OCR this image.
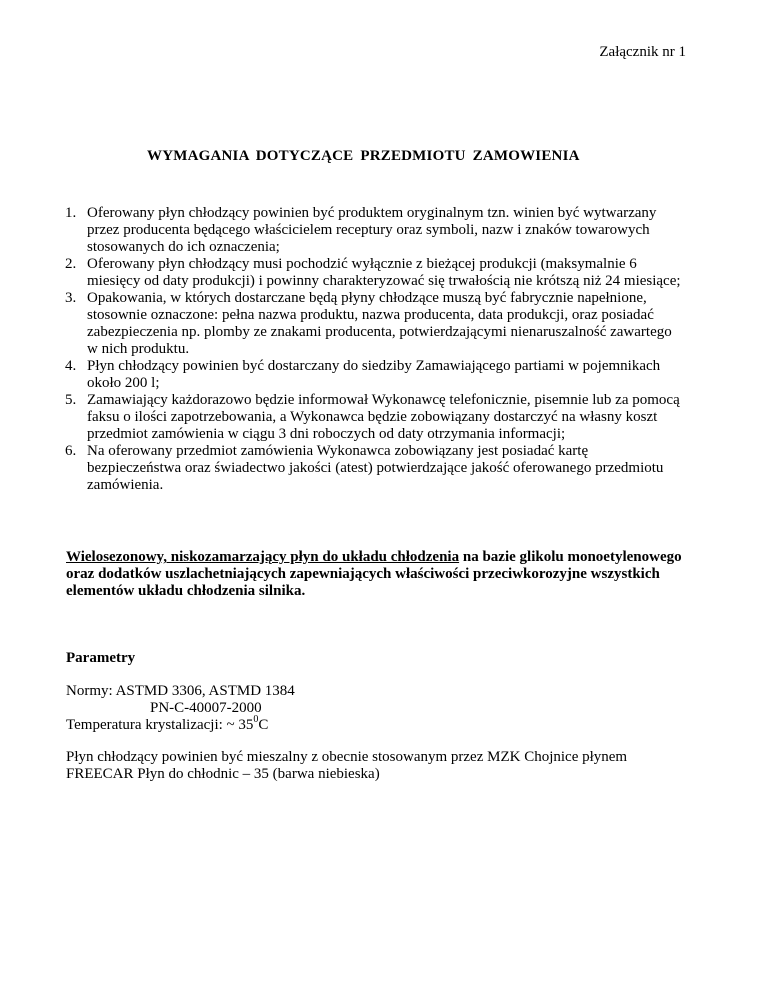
Załącznik nr 1
WYMAGANIA DOTYCZĄCE PRZEDMIOTU ZAMOWIENIA
1. Oferowany płyn chłodzący powinien być produktem oryginalnym tzn. winien być wytwarzany
przez producenta będącego właścicielem receptury oraz symboli, nazw i znaków towarowych
stosowanych do ich oznaczenia;
2. Oferowany płyn chłodzący musi pochodzić wyłącznie z bieżącej produkcji (maksymalnie 6
miesięcy od daty produkcji) i powinny charakteryzować się trwałością nie krótszą niż 24 miesiące;
3. Opakowania, w których dostarczane będą płyny chłodzące muszą być fabrycznie napełnione,
stosownie oznaczone: pełna nazwa produktu, nazwa producenta, data produkcji, oraz posiadać
zabezpieczenia np. plomby ze znakami producenta, potwierdzającymi nienaruszalność zawartego
w nich produktu.
4. Płyn chłodzący powinien być dostarczany do siedziby Zamawiającego partiami w pojemnikach
około 200 l;
5. Zamawiający każdorazowo będzie informował Wykonawcę telefonicznie, pisemnie lub za pomocą
faksu o ilości zapotrzebowania, a Wykonawca będzie zobowiązany dostarczyć na własny koszt
przedmiot zamówienia w ciągu 3 dni roboczych od daty otrzymania informacji;
6. Na oferowany przedmiot zamówienia Wykonawca zobowiązany jest posiadać kartę
bezpieczeństwa oraz świadectwo jakości (atest) potwierdzające jakość oferowanego przedmiotu
zamówienia.
Wielosezonowy, niskozamarzający płyn do układu chłodzenia na bazie glikolu monoetylenowego
oraz dodatków uszlachetniających zapewniających właściwości przeciwkorozyjne wszystkich
elementów układu chłodzenia silnika.
Parametry
Normy: ASTMD 3306, ASTMD 1384
PN-C-40007-2000
Temperatura krystalizacji: ~ $35^0C$
Płyn chłodzący powinien być mieszalny z obecnie stosowanym przez MZK Chojnice płynem
FREECAR Płyn do chłodnic – 35 (barwa niebieska)
